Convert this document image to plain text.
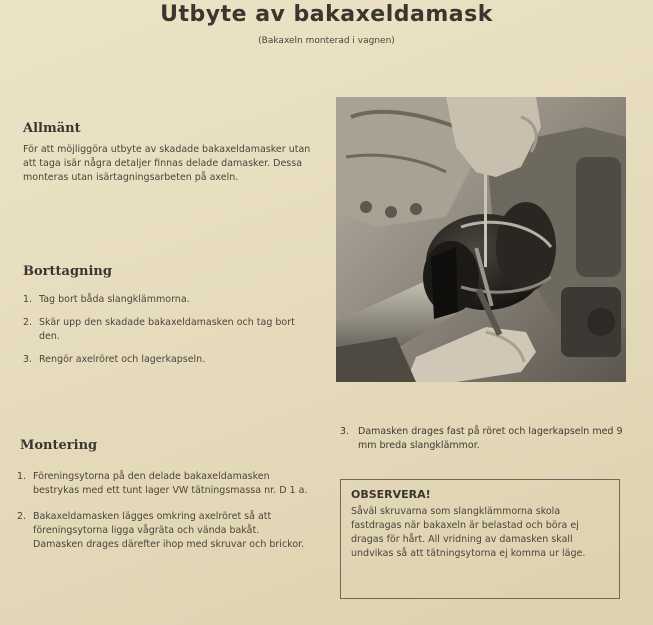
Utbyte av bakaxeldamask
(Bakaxeln monterad i vagnen)
Allmänt

För att möjliggöra utbyte av skadade bakaxeldamasker utan att taga isär några detaljer finnas delade damasker. Dessa monteras utan isärtagningsarbeten på axeln.

Borttagning
1. Tag bort båda slangklämmorna.
2. Skär upp den skadade bakaxeldamasken och tag bort den.
3. Rengör axelröret och lagerkapseln.
Montering
1. Föreningsytorna på den delade bakaxeldamasken bestrykas med ett tunt lager VW tätningsmassa nr. D 1 a.
2. Bakaxeldamasken lägges omkring axelröret så att föreningsytorna ligga vågräta och vända bakåt. Damasken drages därefter ihop med skruvar och brickor.
3. Damasken drages fast på röret och lagerkapseln med 9 mm breda slangklämmor.
OBSERVERA!
Såväl skruvarna som slangklämmorna skola fastdragas när bakaxeln är belastad och böra ej dragas för hårt. All vridning av damasken skall undvikas så att tätningsytorna ej komma ur läge.
